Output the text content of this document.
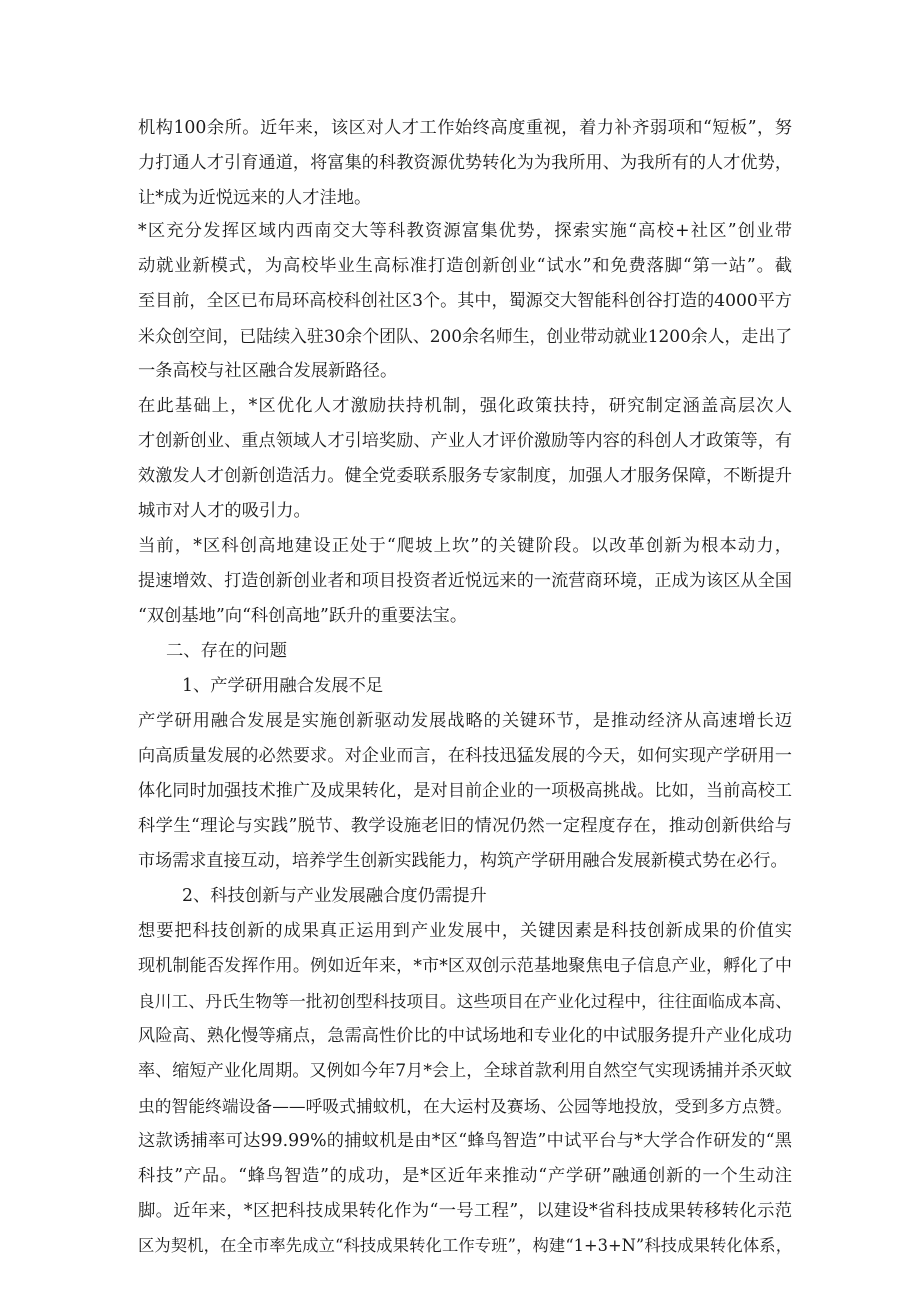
机构100余所。近年来，该区对人才工作始终高度重视，着力补齐弱项和“短板”，努
力打通人才引育通道，将富集的科教资源优势转化为为我所用、为我所有的人才优势，
让*成为近悦远来的人才洼地。
*区充分发挥区域内西南交大等科教资源富集优势，探索实施“高校+社区”创业带
动就业新模式，为高校毕业生高标准打造创新创业“试水”和免费落脚“第一站”。截
至目前，全区已布局环高校科创社区3个。其中，蜀源交大智能科创谷打造的4000平方
米众创空间，已陆续入驻30余个团队、200余名师生，创业带动就业1200余人，走出了
一条高校与社区融合发展新路径。
在此基础上，*区优化人才激励扶持机制，强化政策扶持，研究制定涵盖高层次人
才创新创业、重点领域人才引培奖励、产业人才评价激励等内容的科创人才政策等，有
效激发人才创新创造活力。健全党委联系服务专家制度，加强人才服务保障，不断提升
城市对人才的吸引力。
当前，*区科创高地建设正处于“爬坡上坎”的关键阶段。以改革创新为根本动力，
提速增效、打造创新创业者和项目投资者近悦远来的一流营商环境，正成为该区从全国
“双创基地”向“科创高地”跃升的重要法宝。
二、存在的问题
1、产学研用融合发展不足
产学研用融合发展是实施创新驱动发展战略的关键环节，是推动经济从高速增长迈
向高质量发展的必然要求。对企业而言，在科技迅猛发展的今天，如何实现产学研用一
体化同时加强技术推广及成果转化，是对目前企业的一项极高挑战。比如，当前高校工
科学生“理论与实践”脱节、教学设施老旧的情况仍然一定程度存在，推动创新供给与
市场需求直接互动，培养学生创新实践能力，构筑产学研用融合发展新模式势在必行。
2、科技创新与产业发展融合度仍需提升
想要把科技创新的成果真正运用到产业发展中，关键因素是科技创新成果的价值实
现机制能否发挥作用。例如近年来，*市*区双创示范基地聚焦电子信息产业，孵化了中
良川工、丹氏生物等一批初创型科技项目。这些项目在产业化过程中，往往面临成本高、
风险高、熟化慢等痛点，急需高性价比的中试场地和专业化的中试服务提升产业化成功
率、缩短产业化周期。又例如今年7月*会上，全球首款利用自然空气实现诱捕并杀灭蚊
虫的智能终端设备——呼吸式捕蚊机，在大运村及赛场、公园等地投放，受到多方点赞。
这款诱捕率可达99.99%的捕蚊机是由*区“蜂鸟智造”中试平台与*大学合作研发的“黑
科技”产品。“蜂鸟智造”的成功，是*区近年来推动“产学研”融通创新的一个生动注
脚。近年来，*区把科技成果转化作为“一号工程”，以建设*省科技成果转移转化示范
区为契机，在全市率先成立“科技成果转化工作专班”，构建“1+3+N”科技成果转化体系，
